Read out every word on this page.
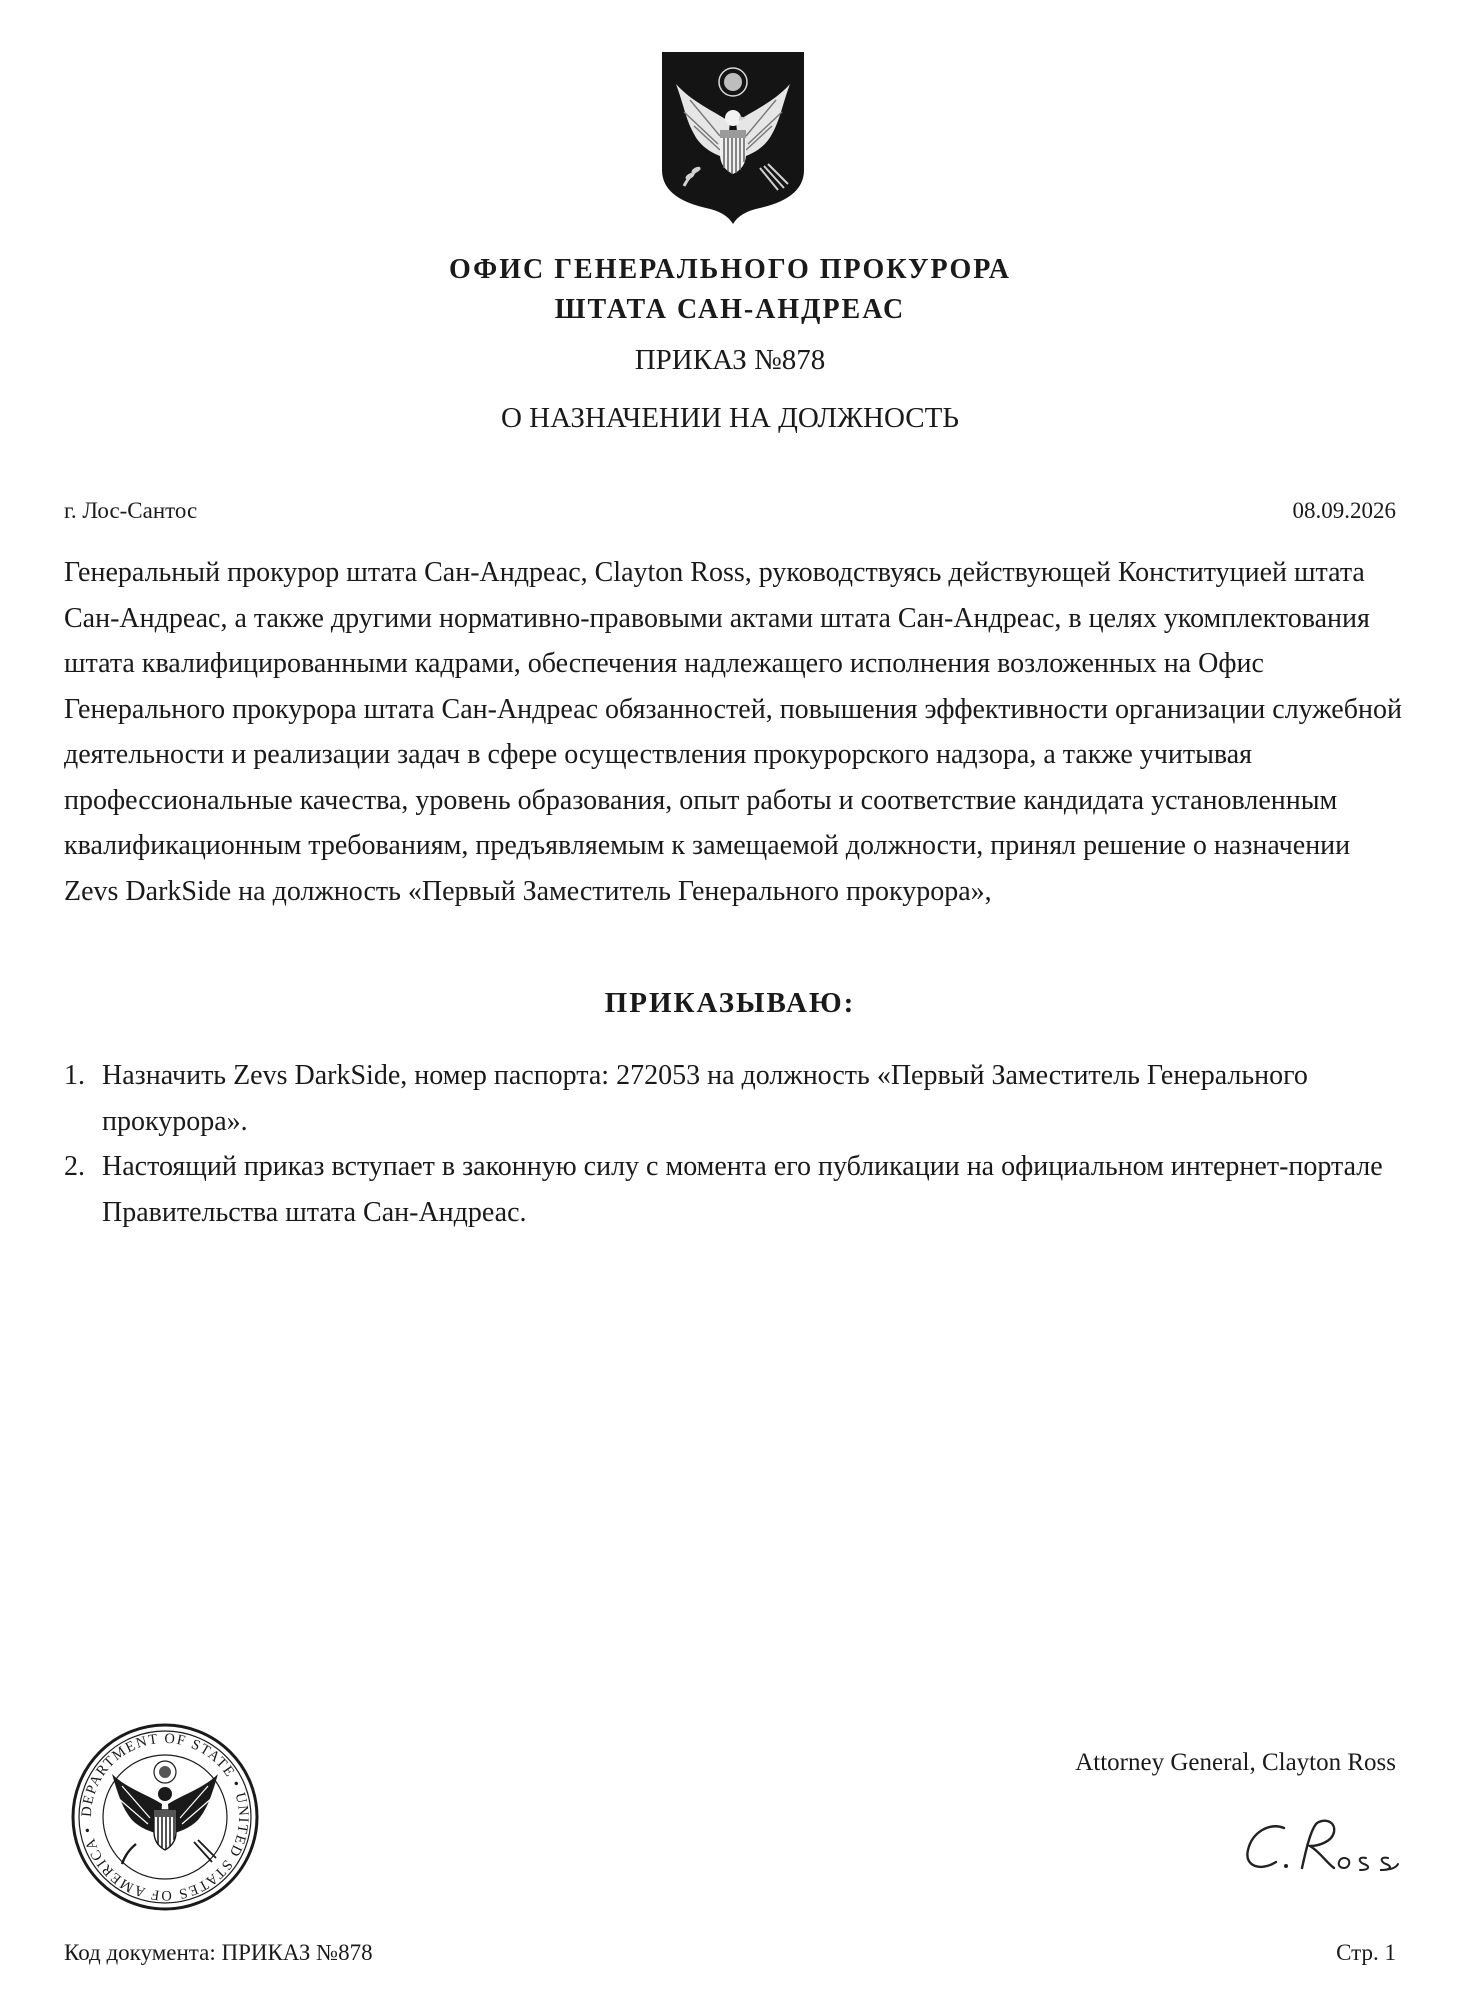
ОФИС ГЕНЕРАЛЬНОГО ПРОКУРОРА
ШТАТА САН-АНДРЕАС
ПРИКАЗ №878
О НАЗНАЧЕНИИ НА ДОЛЖНОСТЬ
г. Лос-Сантос	08.09.2026

Генеральный прокурор штата Сан-Андреас, Clayton Ross, руководствуясь действующей Конституцией штата Сан-Андреас, а также другими нормативно-правовыми актами штата Сан-Андреас, в целях укомплектования штата квалифицированными кадрами, обеспечения надлежащего исполнения возложенных на Офис Генерального прокурора штата Сан-Андреас обязанностей, повышения эффективности организации служебной деятельности и реализации задач в сфере осуществления прокурорского надзора, а также учитывая профессиональные качества, уровень образования, опыт работы и соответствие кандидата установленным квалификационным требованиям, предъявляемым к замещаемой должности, принял решение о назначении Zevs DarkSide на должность «Первый Заместитель Генерального прокурора»,

ПРИКАЗЫВАЮ:
1. Назначить Zevs DarkSide, номер паспорта: 272053 на должность «Первый Заместитель Генерального прокурора».
2. Настоящий приказ вступает в законную силу с момента его публикации на официальном интернет-портале Правительства штата Сан-Андреас.
DEPARTMENT OF STATE • UNITED STATES OF AMERICA •
Attorney General, Clayton Ross
Код документа: ПРИКАЗ №878	Стр. 1
